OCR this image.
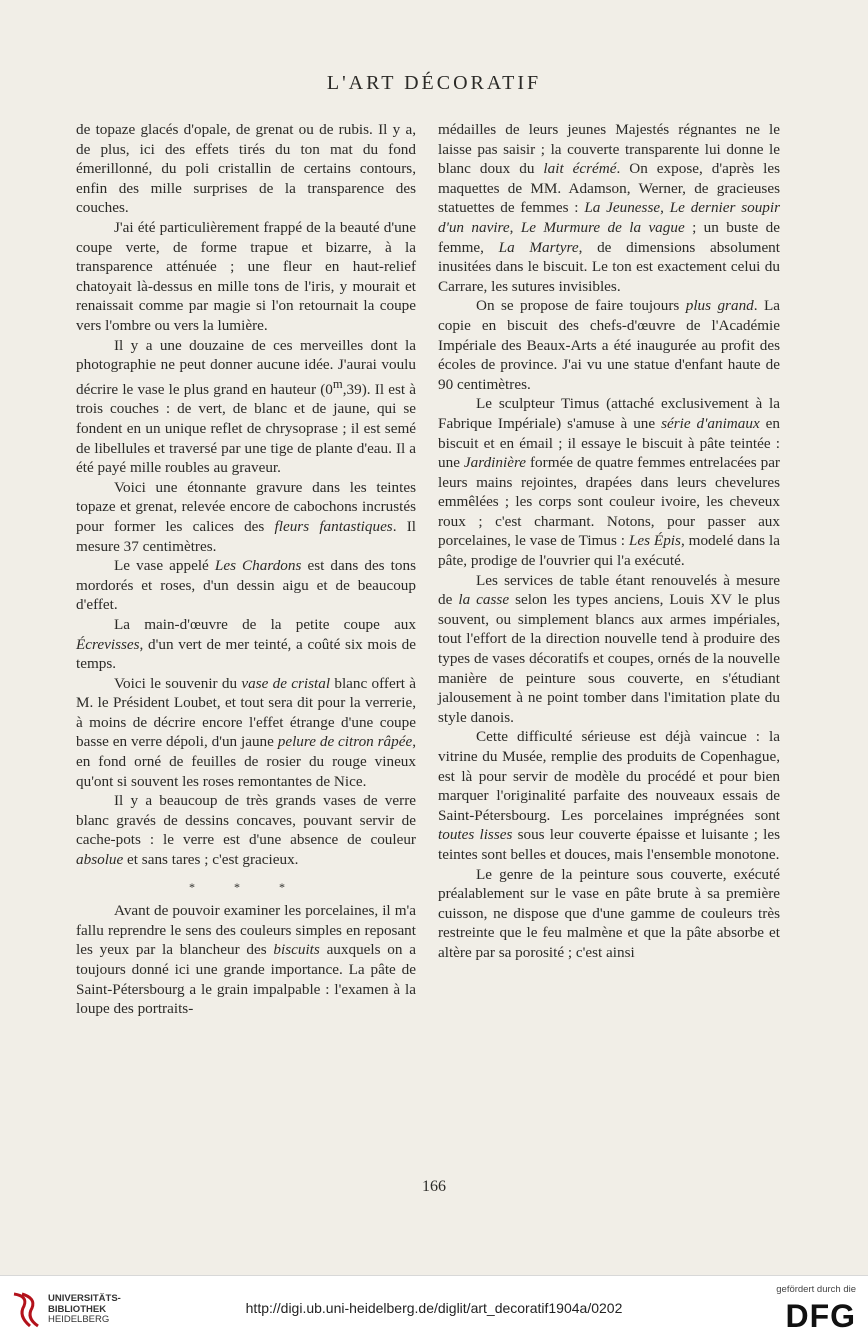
L'ART DÉCORATIF

de topaze glacés d'opale, de grenat ou de rubis. Il y a, de plus, ici des effets tirés du ton mat du fond émerillonné, du poli cristallin de certains contours, enfin des mille surprises de la transparence des couches.

J'ai été particulièrement frappé de la beauté d'une coupe verte, de forme trapue et bizarre, à la transparence atténuée ; une fleur en haut-relief chatoyait là-dessus en mille tons de l'iris, y mourait et renaissait comme par magie si l'on retournait la coupe vers l'ombre ou vers la lumière.

Il y a une douzaine de ces merveilles dont la photographie ne peut donner aucune idée. J'aurai voulu décrire le vase le plus grand en hauteur (0$^m$,39). Il est à trois couches : de vert, de blanc et de jaune, qui se fondent en un unique reflet de chrysoprase ; il est semé de libellules et traversé par une tige de plante d'eau. Il a été payé mille roubles au graveur.

Voici une étonnante gravure dans les teintes topaze et grenat, relevée encore de cabochons incrustés pour former les calices des fleurs fantastiques. Il mesure 37 centimètres.

Le vase appelé Les Chardons est dans des tons mordorés et roses, d'un dessin aigu et de beaucoup d'effet.

La main-d'œuvre de la petite coupe aux Écrevisses, d'un vert de mer teinté, a coûté six mois de temps.

Voici le souvenir du vase de cristal blanc offert à M. le Président Loubet, et tout sera dit pour la verrerie, à moins de décrire encore l'effet étrange d'une coupe basse en verre dépoli, d'un jaune pelure de citron râpée, en fond orné de feuilles de rosier du rouge vineux qu'ont si souvent les roses remontantes de Nice.

Il y a beaucoup de très grands vases de verre blanc gravés de dessins concaves, pouvant servir de cache-pots : le verre est d'une absence de couleur absolue et sans tares ; c'est gracieux.

* * *

Avant de pouvoir examiner les porcelaines, il m'a fallu reprendre le sens des couleurs simples en reposant les yeux par la blancheur des biscuits auxquels on a toujours donné ici une grande importance. La pâte de Saint-Pétersbourg a le grain impalpable : l'examen à la loupe des portraits-

médailles de leurs jeunes Majestés régnantes ne le laisse pas saisir ; la couverte transparente lui donne le blanc doux du lait écrémé. On expose, d'après les maquettes de MM. Adamson, Werner, de gracieuses statuettes de femmes : La Jeunesse, Le dernier soupir d'un navire, Le Murmure de la vague ; un buste de femme, La Martyre, de dimensions absolument inusitées dans le biscuit. Le ton est exactement celui du Carrare, les sutures invisibles.

On se propose de faire toujours plus grand. La copie en biscuit des chefs-d'œuvre de l'Académie Impériale des Beaux-Arts a été inaugurée au profit des écoles de province. J'ai vu une statue d'enfant haute de 90 centimètres.

Le sculpteur Timus (attaché exclusivement à la Fabrique Impériale) s'amuse à une série d'animaux en biscuit et en émail ; il essaye le biscuit à pâte teintée : une Jardinière formée de quatre femmes entrelacées par leurs mains rejointes, drapées dans leurs chevelures emmêlées ; les corps sont couleur ivoire, les cheveux roux ; c'est charmant. Notons, pour passer aux porcelaines, le vase de Timus : Les Épis, modelé dans la pâte, prodige de l'ouvrier qui l'a exécuté.

Les services de table étant renouvelés à mesure de la casse selon les types anciens, Louis XV le plus souvent, ou simplement blancs aux armes impériales, tout l'effort de la direction nouvelle tend à produire des types de vases décoratifs et coupes, ornés de la nouvelle manière de peinture sous couverte, en s'étudiant jalousement à ne point tomber dans l'imitation plate du style danois.

Cette difficulté sérieuse est déjà vaincue : la vitrine du Musée, remplie des produits de Copenhague, est là pour servir de modèle du procédé et pour bien marquer l'originalité parfaite des nouveaux essais de Saint-Pétersbourg. Les porcelaines imprégnées sont toutes lisses sous leur couverte épaisse et luisante ; les teintes sont belles et douces, mais l'ensemble monotone.

Le genre de la peinture sous couverte, exécuté préalablement sur le vase en pâte brute à sa première cuisson, ne dispose que d'une gamme de couleurs très restreinte que le feu malmène et que la pâte absorbe et altère par sa porosité ; c'est ainsi

166
UNIVERSITÄTS-
BIBLIOTHEK
HEIDELBERG
http://digi.ub.uni-heidelberg.de/diglit/art_decoratif1904a/0202
gefördert durch die
DFG
